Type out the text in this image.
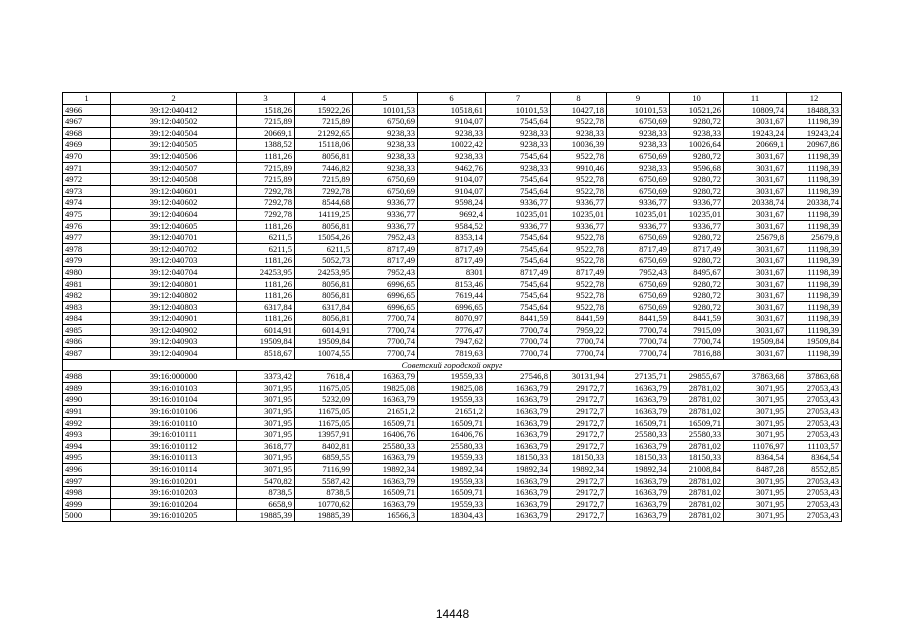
1	2	3	4	5	6	7	8	9	10	11	12
4966	39:12:040412	1518,26	15922,26	10101,53	10518,61	10101,53	10427,18	10101,53	10521,26	10809,74	18488,33
4967	39:12:040502	7215,89	7215,89	6750,69	9104,07	7545,64	9522,78	6750,69	9280,72	3031,67	11198,39
4968	39:12:040504	20669,1	21292,65	9238,33	9238,33	9238,33	9238,33	9238,33	9238,33	19243,24	19243,24
4969	39:12:040505	1388,52	15118,06	9238,33	10022,42	9238,33	10036,39	9238,33	10026,64	20669,1	20967,86
4970	39:12:040506	1181,26	8056,81	9238,33	9238,33	7545,64	9522,78	6750,69	9280,72	3031,67	11198,39
4971	39:12:040507	7215,89	7446,82	9238,33	9462,76	9238,33	9910,46	9238,33	9596,68	3031,67	11198,39
4972	39:12:040508	7215,89	7215,89	6750,69	9104,07	7545,64	9522,78	6750,69	9280,72	3031,67	11198,39
4973	39:12:040601	7292,78	7292,78	6750,69	9104,07	7545,64	9522,78	6750,69	9280,72	3031,67	11198,39
4974	39:12:040602	7292,78	8544,68	9336,77	9598,24	9336,77	9336,77	9336,77	9336,77	20338,74	20338,74
4975	39:12:040604	7292,78	14119,25	9336,77	9692,4	10235,01	10235,01	10235,01	10235,01	3031,67	11198,39
4976	39:12:040605	1181,26	8056,81	9336,77	9584,52	9336,77	9336,77	9336,77	9336,77	3031,67	11198,39
4977	39:12:040701	6211,5	15054,26	7952,43	8353,14	7545,64	9522,78	6750,69	9280,72	25679,8	25679,8
4978	39:12:040702	6211,5	6211,5	8717,49	8717,49	7545,64	9522,78	8717,49	8717,49	3031,67	11198,39
4979	39:12:040703	1181,26	5052,73	8717,49	8717,49	7545,64	9522,78	6750,69	9280,72	3031,67	11198,39
4980	39:12:040704	24253,95	24253,95	7952,43	8301	8717,49	8717,49	7952,43	8495,67	3031,67	11198,39
4981	39:12:040801	1181,26	8056,81	6996,65	8153,46	7545,64	9522,78	6750,69	9280,72	3031,67	11198,39
4982	39:12:040802	1181,26	8056,81	6996,65	7619,44	7545,64	9522,78	6750,69	9280,72	3031,67	11198,39
4983	39:12:040803	6317,84	6317,84	6996,65	6996,65	7545,64	9522,78	6750,69	9280,72	3031,67	11198,39
4984	39:12:040901	1181,26	8056,81	7700,74	8070,97	8441,59	8441,59	8441,59	8441,59	3031,67	11198,39
4985	39:12:040902	6014,91	6014,91	7700,74	7776,47	7700,74	7959,22	7700,74	7915,09	3031,67	11198,39
4986	39:12:040903	19509,84	19509,84	7700,74	7947,62	7700,74	7700,74	7700,74	7700,74	19509,84	19509,84
4987	39:12:040904	8518,67	10074,55	7700,74	7819,63	7700,74	7700,74	7700,74	7816,88	3031,67	11198,39
Советский городской округ											
4988	39:16:000000	3373,42	7618,4	16363,79	19559,33	27546,8	30131,94	27135,71	29855,67	37863,68	37863,68
4989	39:16:010103	3071,95	11675,05	19825,08	19825,08	16363,79	29172,7	16363,79	28781,02	3071,95	27053,43
4990	39:16:010104	3071,95	5232,09	16363,79	19559,33	16363,79	29172,7	16363,79	28781,02	3071,95	27053,43
4991	39:16:010106	3071,95	11675,05	21651,2	21651,2	16363,79	29172,7	16363,79	28781,02	3071,95	27053,43
4992	39:16:010110	3071,95	11675,05	16509,71	16509,71	16363,79	29172,7	16509,71	16509,71	3071,95	27053,43
4993	39:16:010111	3071,95	13957,91	16406,76	16406,76	16363,79	29172,7	25580,33	25580,33	3071,95	27053,43
4994	39:16:010112	3618,77	8402,81	25580,33	25580,33	16363,79	29172,7	16363,79	28781,02	11076,97	11103,57
4995	39:16:010113	3071,95	6859,55	16363,79	19559,33	18150,33	18150,33	18150,33	18150,33	8364,54	8364,54
4996	39:16:010114	3071,95	7116,99	19892,34	19892,34	19892,34	19892,34	19892,34	21008,84	8487,28	8552,85
4997	39:16:010201	5470,82	5587,42	16363,79	19559,33	16363,79	29172,7	16363,79	28781,02	3071,95	27053,43
4998	39:16:010203	8738,5	8738,5	16509,71	16509,71	16363,79	29172,7	16363,79	28781,02	3071,95	27053,43
4999	39:16:010204	6658,9	10770,62	16363,79	19559,33	16363,79	29172,7	16363,79	28781,02	3071,95	27053,43
5000	39:16:010205	19885,39	19885,39	16566,3	18304,43	16363,79	29172,7	16363,79	28781,02	3071,95	27053,43
14448
